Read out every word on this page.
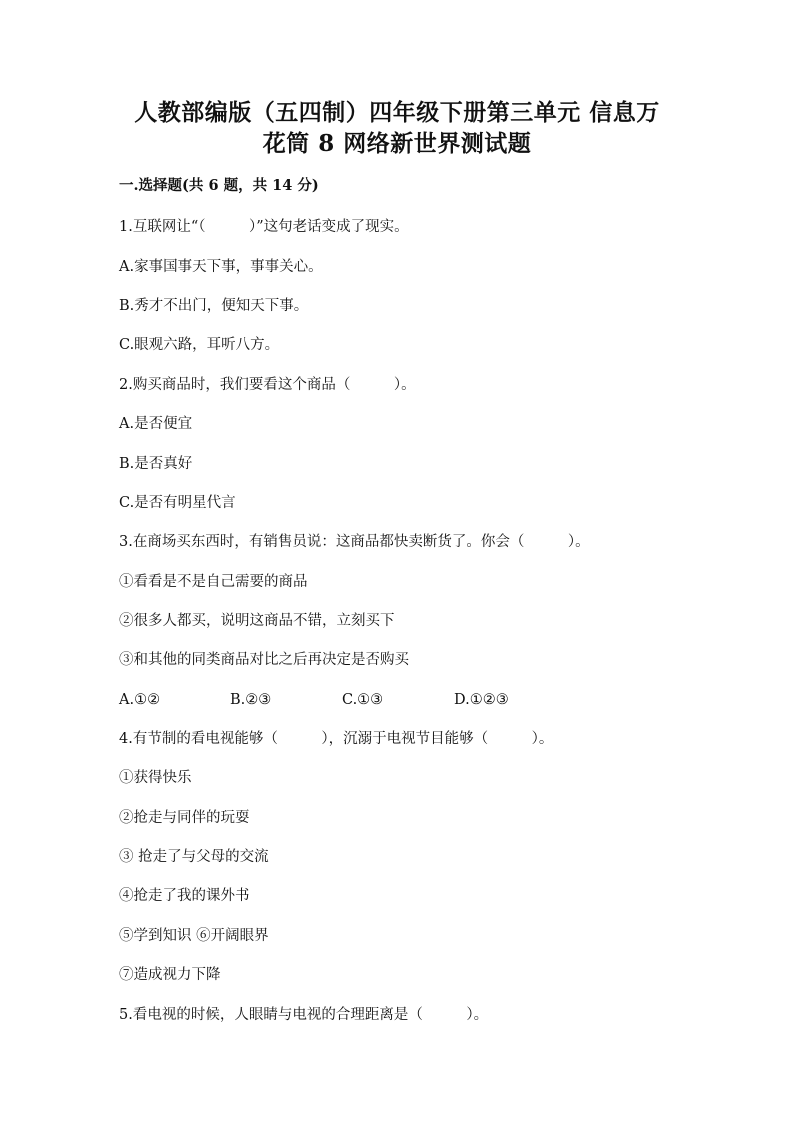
人教部编版（五四制）四年级下册第三单元 信息万
花筒 8 网络新世界测试题
一.选择题(共 6 题，共 14 分)
1.互联网让“（　　　）”这句老话变成了现实。
A.家事国事天下事，事事关心。
B.秀才不出门，便知天下事。
C.眼观六路，耳听八方。
2.购买商品时，我们要看这个商品（　　　）。
A.是否便宜
B.是否真好
C.是否有明星代言
3.在商场买东西时，有销售员说：这商品都快卖断货了。你会（　　　）。
①看看是不是自己需要的商品
②很多人都买，说明这商品不错，立刻买下
③和其他的同类商品对比之后再决定是否购买
A.①②	B.②③	C.①③	D.①②③
4.有节制的看电视能够（　　　），沉溺于电视节目能够（　　　）。
①获得快乐
②抢走与同伴的玩耍
③ 抢走了与父母的交流
④抢走了我的课外书
⑤学到知识 ⑥开阔眼界
⑦造成视力下降
5.看电视的时候，人眼睛与电视的合理距离是（　　　）。
